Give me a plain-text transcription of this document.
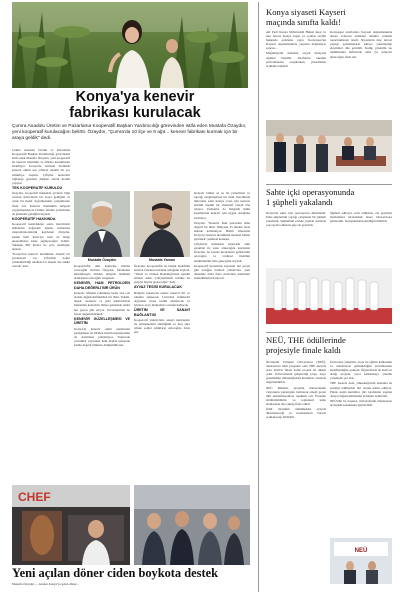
Konya'ya kenevir
fabrikası kurulacak
Çumra Anadolu Üretim ve Pazarlama Kooperatifi Başkan Yardımcılığı görevinden istifa eden Mustafa Özaydın, yeni kooperatif kurulacağını belirtti. Özaydın, "Çumra'da 10 ilçe ve 8 ağıt... kenevir fabrikası kurmak için bir araya geldik" dedi.

Çumra Anadolu Üretim ve Pazarlama Kooperatifi Başkan Yardımcılığı görevinden istifa eden Mustafa Özaydın, yeni kooperatif ile kenevir üretimini ve fabrika kurulmasını hedefliyor. Konya'da tarımsal üretimde kenevir ekimi son yıllarda önemli bir yer edinmeye başladı. Çiftçiler kenevirin sağladığı getirileri dikkate alarak üretim yapıyor.

TEK KOOPERATİF KURULDU

Özaydın, kooperatif hakkında ayrıntılı bilgi vererek üreticilerin bir araya geldiğini ve ortak bir hedef doğrultusunda çalıştıklarını ifade etti. Kenevir üretiminin bölgede yaygınlaşmasıyla birlikte fabrika yatırımının da gündeme geldiğini söyledi.

KOOPERATİF HAKKINDA

Kooperatif kurulduktan sonra üreticilerin ürünlerini doğrudan işleme tesislerine ulaştırabileceklerini kaydeden Özaydın, bunun hem üreticiye hem de bölge ekonomisine katkı sağlayacağını belirtti. Yaklaşık 800 üretici ile yola çıkıldığını aktardı.

"Konya'nın kenevir üretiminde önemli bir potansiyeli var. Çiftçimiz doğru yönlendirildiği takdirde bu alanda söz sahibi olacak" dedi.

Mustafa Özaydın	Mustafa Yaman

Kooperatifin tüm üyelerine hizmet vereceğini belirten Özaydın, fabrikanın kurulmasıyla birlikte bölgede istihdam alanlarının artacağını vurguladı.

KENEVİR, HAM PETROLDEN DAHA DEĞERLİ BİR ÜRÜN

Kenevir, lifinden tohumuna kadar pek çok alanda değerlendirilebilen bir bitki. Tekstil, inşaat, otomotiv ve gıda sektörlerinde kullanılan kenevirin dünya genelinde talebi her geçen gün artıyor. Üreticilerimiz bu fırsatı değerlendirmeli.

KENEVİR GÜZELLEŞMESİ VE ÜRETİM

Konya'da kenevir ekim alanlarının genişlemesi ile birlikte üretim kapasitesinin de artırılması planlanıyor. Yapılacak yatırımlar sayesinde ham madde işlenerek katma değerli ürünlere dönüştürülecek.

Özaydın, kooperatifin en büyük hedefinin kenevir fabrikası kurmak olduğunu söyledi. "Tarım ve Orman Bakanlığı'ndan gerekli izinleri aldık. Çiftçilerimizle birlikte bu projeyi hayata geçireceğiz" dedi.

AYVAZ TESİSİ KURULACAK

Bölgede kurulacak tesiste kenevir lifi ve tohumu işlenecek. Üreticiler ürünlerini doğrudan tesise teslim edebilecek ve böylece aracı maliyetleri ortadan kalkacak.

ÜRETİM VE SANAYİ BAĞLANTISI

Kooperatif yöneticileri, sanayi kuruluşları ile görüşmelerin sürdüğünü ve kısa süre içinde somut adımların atılacağını ifade etti.

Kenevir bitkisi az su ile yetişebilen ve toprağı zenginleştiren bir ürün. Kuraklıkla mücadele eden Konya ovası için kenevir üretimi önemli bir alternatif olarak öne çıkıyor. Uzmanlar da bölgenin iklim koşullarının kenevir için uygun olduğunu belirtiyor.

Özaydın, "Kenevir ham petrolden daha değerli bir ürün. Dünyada 25 binden fazla üründe kullanılıyor. Bizim amacımız Konya'yı kenevir üretiminin merkezi haline getirmek" şeklinde konuştu.

Çiftçilerin ürettikleri kenevirin alım garantisi ile satın alınacağını kaydeden Özaydın, bu sayede üreticilerin gelirlerinin artacağını ve tarımsal üretimin sürdürülebilir hale geleceğini söyledi.

Kooperatif üyelerinin sayısının her geçen gün arttığını belirten yöneticiler, yeni dönemde daha fazla üreticinin katılımını beklediklerini ifade etti.

CHEF
Yeni açılan döner ciden boykota destek
Mustafa Özaydın — Avukat Konya'ya gelen döner...
Konya siyaseti Kayseri
maçında sınıfta kaldı!

AK Parti Konya Milletvekili Hulusi Akar ve maç öncesi Konya başarı ve oyuncu seçimi hakkında açıklama yaptı. Konyaspor'un Kayseri deplasmanında yaşanan mağlubiyet sonrası...

Mağlubiyetin ardından sosyal medyada tepkiler büyüdü. Taraftarlar takımın performansını sorgularken, yönetimden açıklama bekledi.

Konyaspor taraftarları, Kayseri deplasmanında alınan sonucun ardından takımın yeniden toparlanmasını istedi. Siyasilerin maç öncesi yaptığı açıklamaların sahaya yansımadığı eleştirileri dile getirildi. Kulüp yönetimi ise önümüzdeki haftalarda daha iyi sonuçlar alınacağını ifade etti.

Sahte içki operasyonunda
1 şüpheli yakalandı

Konya'da sahte içki operasyonu düzenlendi. Polis ekiplerinin yaptığı çalışmada bir şüpheli yakalandı. Şüphelinin evinde yapılan aramada çok sayıda etiketsiz şişe ele geçirildi.

Şüpheli adliyeye sevk edilirken, ele geçirilen malzemeler incelenmek üzere laboratuvara gönderildi. Soruşturmanın sürdüğü bildirildi.

NEÜ, THE ödüllerinde
projesiyle finale kaldı

Necmettin Erbakan Üniversitesi (NEÜ), uluslararası ödül programı olan THE Awards Asia 2025'te finale kalan projesi ile dikkat çekti. Üniversitenin geliştirdiği proje, Asya genelindeki yükseköğretim kurumları arasında değerlendirildi.

NEÜ Rektörü, projenin üniversitenin vizyonunu yansıttığını belirterek emeği geçen tüm akademisyenlere teşekkür etti. Projenin sürdürülebilirlik ve toplumsal katkı alanlarında öne çıktığı ifade edildi.

Ödül töreninin önümüzdeki aylarda düzenleneceği ve kazananların burada açıklanacağı bildirildi.

Üniversite yönetimi, proje ile eğitim kalitesinin ve uluslararası görünürlüğün artırılmasının hedeflendiğini açıkladı. Öğrencilerin de aktif rol aldığı projede, yerel kalkınmaya yönelik çalışmalar yer aldı.

THE Awards Asia, yükseköğretim alanında en prestijli ödüllerden biri olarak kabul ediliyor. Finale kalan kurumlar, jüri tarafından yapılan detaylı değerlendirmenin ardından belirlendi.

NEÜ'nün bu başarısı, üniversitenin uluslararası arenadaki konumunu güçlendirdi.

NEÜ
